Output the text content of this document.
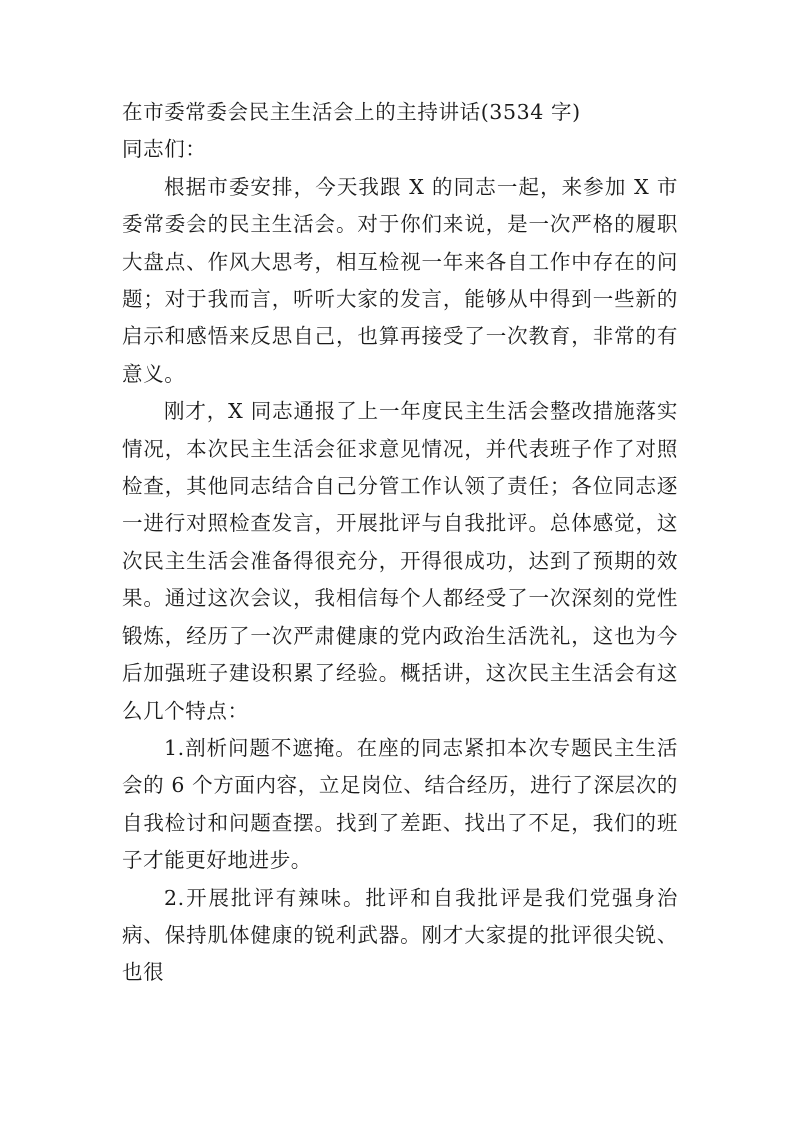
在市委常委会民主生活会上的主持讲话(3534 字)

同志们：

根据市委安排，今天我跟 X 的同志一起，来参加 X 市委常委会的民主生活会。对于你们来说，是一次严格的履职大盘点、作风大思考，相互检视一年来各自工作中存在的问题；对于我而言，听听大家的发言，能够从中得到一些新的启示和感悟来反思自己，也算再接受了一次教育，非常的有意义。

刚才，X 同志通报了上一年度民主生活会整改措施落实情况，本次民主生活会征求意见情况，并代表班子作了对照检查，其他同志结合自己分管工作认领了责任；各位同志逐一进行对照检查发言，开展批评与自我批评。总体感觉，这次民主生活会准备得很充分，开得很成功，达到了预期的效果。通过这次会议，我相信每个人都经受了一次深刻的党性锻炼，经历了一次严肃健康的党内政治生活洗礼，这也为今后加强班子建设积累了经验。概括讲，这次民主生活会有这么几个特点：

1.剖析问题不遮掩。在座的同志紧扣本次专题民主生活会的 6 个方面内容，立足岗位、结合经历，进行了深层次的自我检讨和问题查摆。找到了差距、找出了不足，我们的班子才能更好地进步。

2.开展批评有辣味。批评和自我批评是我们党强身治病、保持肌体健康的锐利武器。刚才大家提的批评很尖锐、也很
